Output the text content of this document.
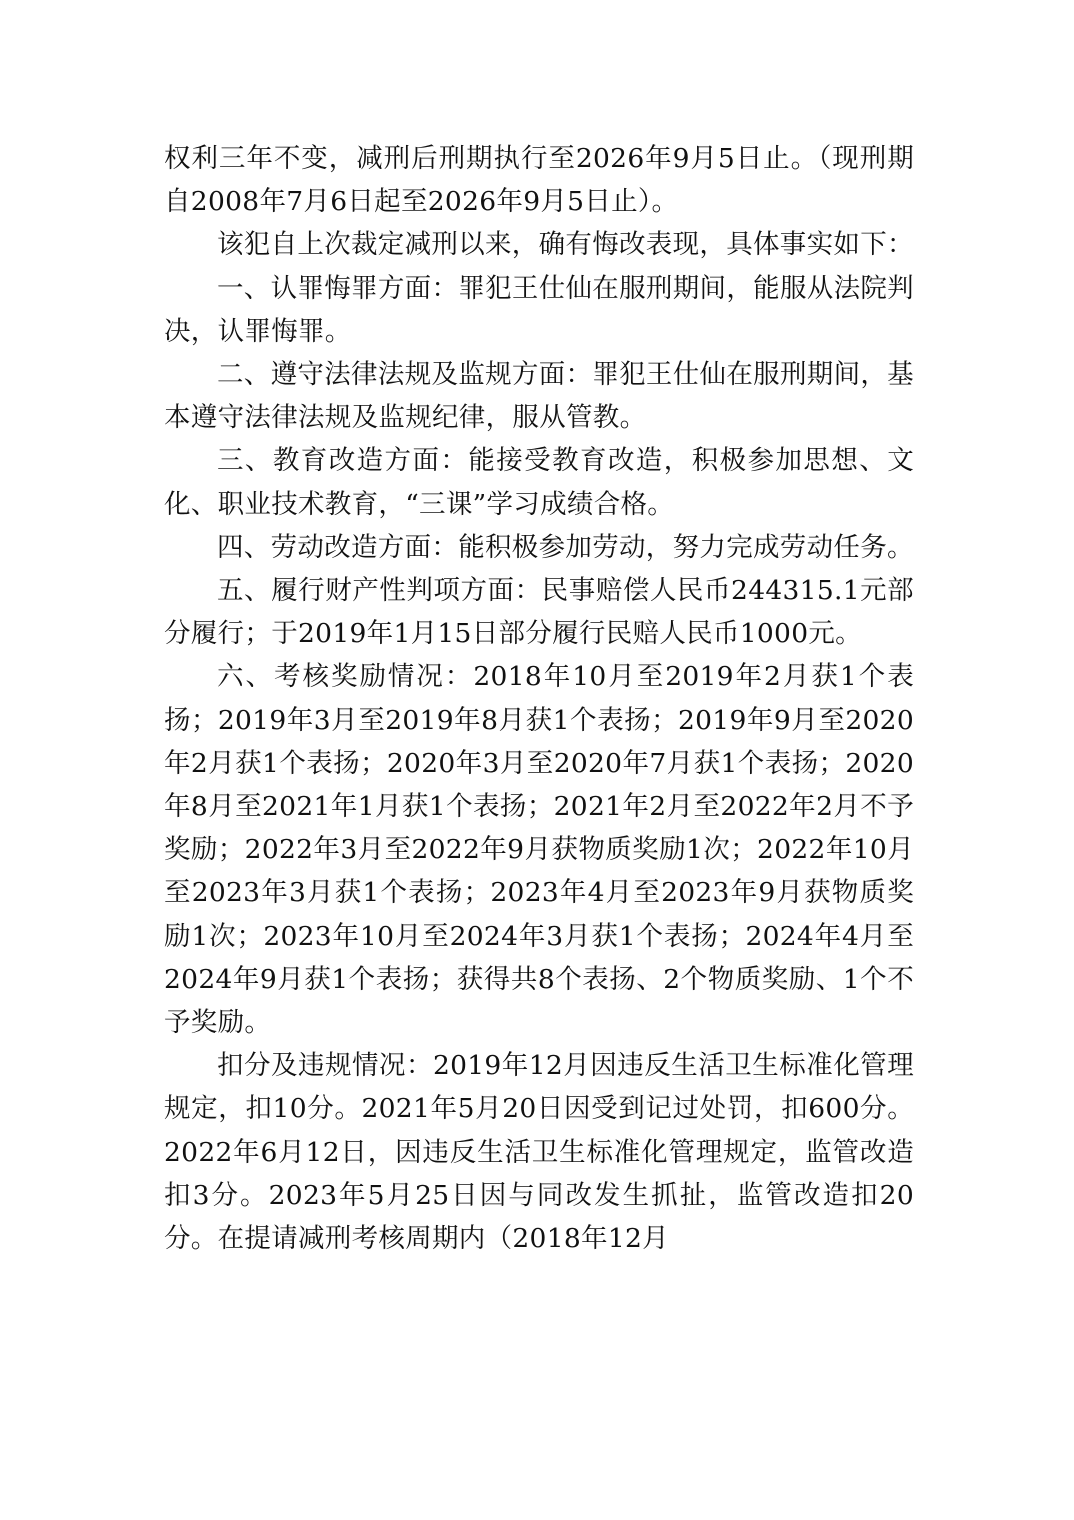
权利三年不变，减刑后刑期执行至2026年9月5日止。（现刑期自2008年7月6日起至2026年9月5日止）。

该犯自上次裁定减刑以来，确有悔改表现，具体事实如下：

一、认罪悔罪方面：罪犯王仕仙在服刑期间，能服从法院判决，认罪悔罪。

二、遵守法律法规及监规方面：罪犯王仕仙在服刑期间，基本遵守法律法规及监规纪律，服从管教。

三、教育改造方面：能接受教育改造，积极参加思想、文化、职业技术教育，“三课”学习成绩合格。

四、劳动改造方面：能积极参加劳动，努力完成劳动任务。

五、履行财产性判项方面：民事赔偿人民币244315.1元部分履行；于2019年1月15日部分履行民赔人民币1000元。

六、考核奖励情况：2018年10月至2019年2月获1个表扬；2019年3月至2019年8月获1个表扬；2019年9月至2020年2月获1个表扬；2020年3月至2020年7月获1个表扬；2020年8月至2021年1月获1个表扬；2021年2月至2022年2月不予奖励；2022年3月至2022年9月获物质奖励1次；2022年10月至2023年3月获1个表扬；2023年4月至2023年9月获物质奖励1次；2023年10月至2024年3月获1个表扬；2024年4月至2024年9月获1个表扬；获得共8个表扬、2个物质奖励、1个不予奖励。

扣分及违规情况：2019年12月因违反生活卫生标准化管理规定，扣10分。2021年5月20日因受到记过处罚，扣600分。2022年6月12日，因违反生活卫生标准化管理规定，监管改造扣3分。2023年5月25日因与同改发生抓扯，监管改造扣20分。在提请减刑考核周期内（2018年12月
